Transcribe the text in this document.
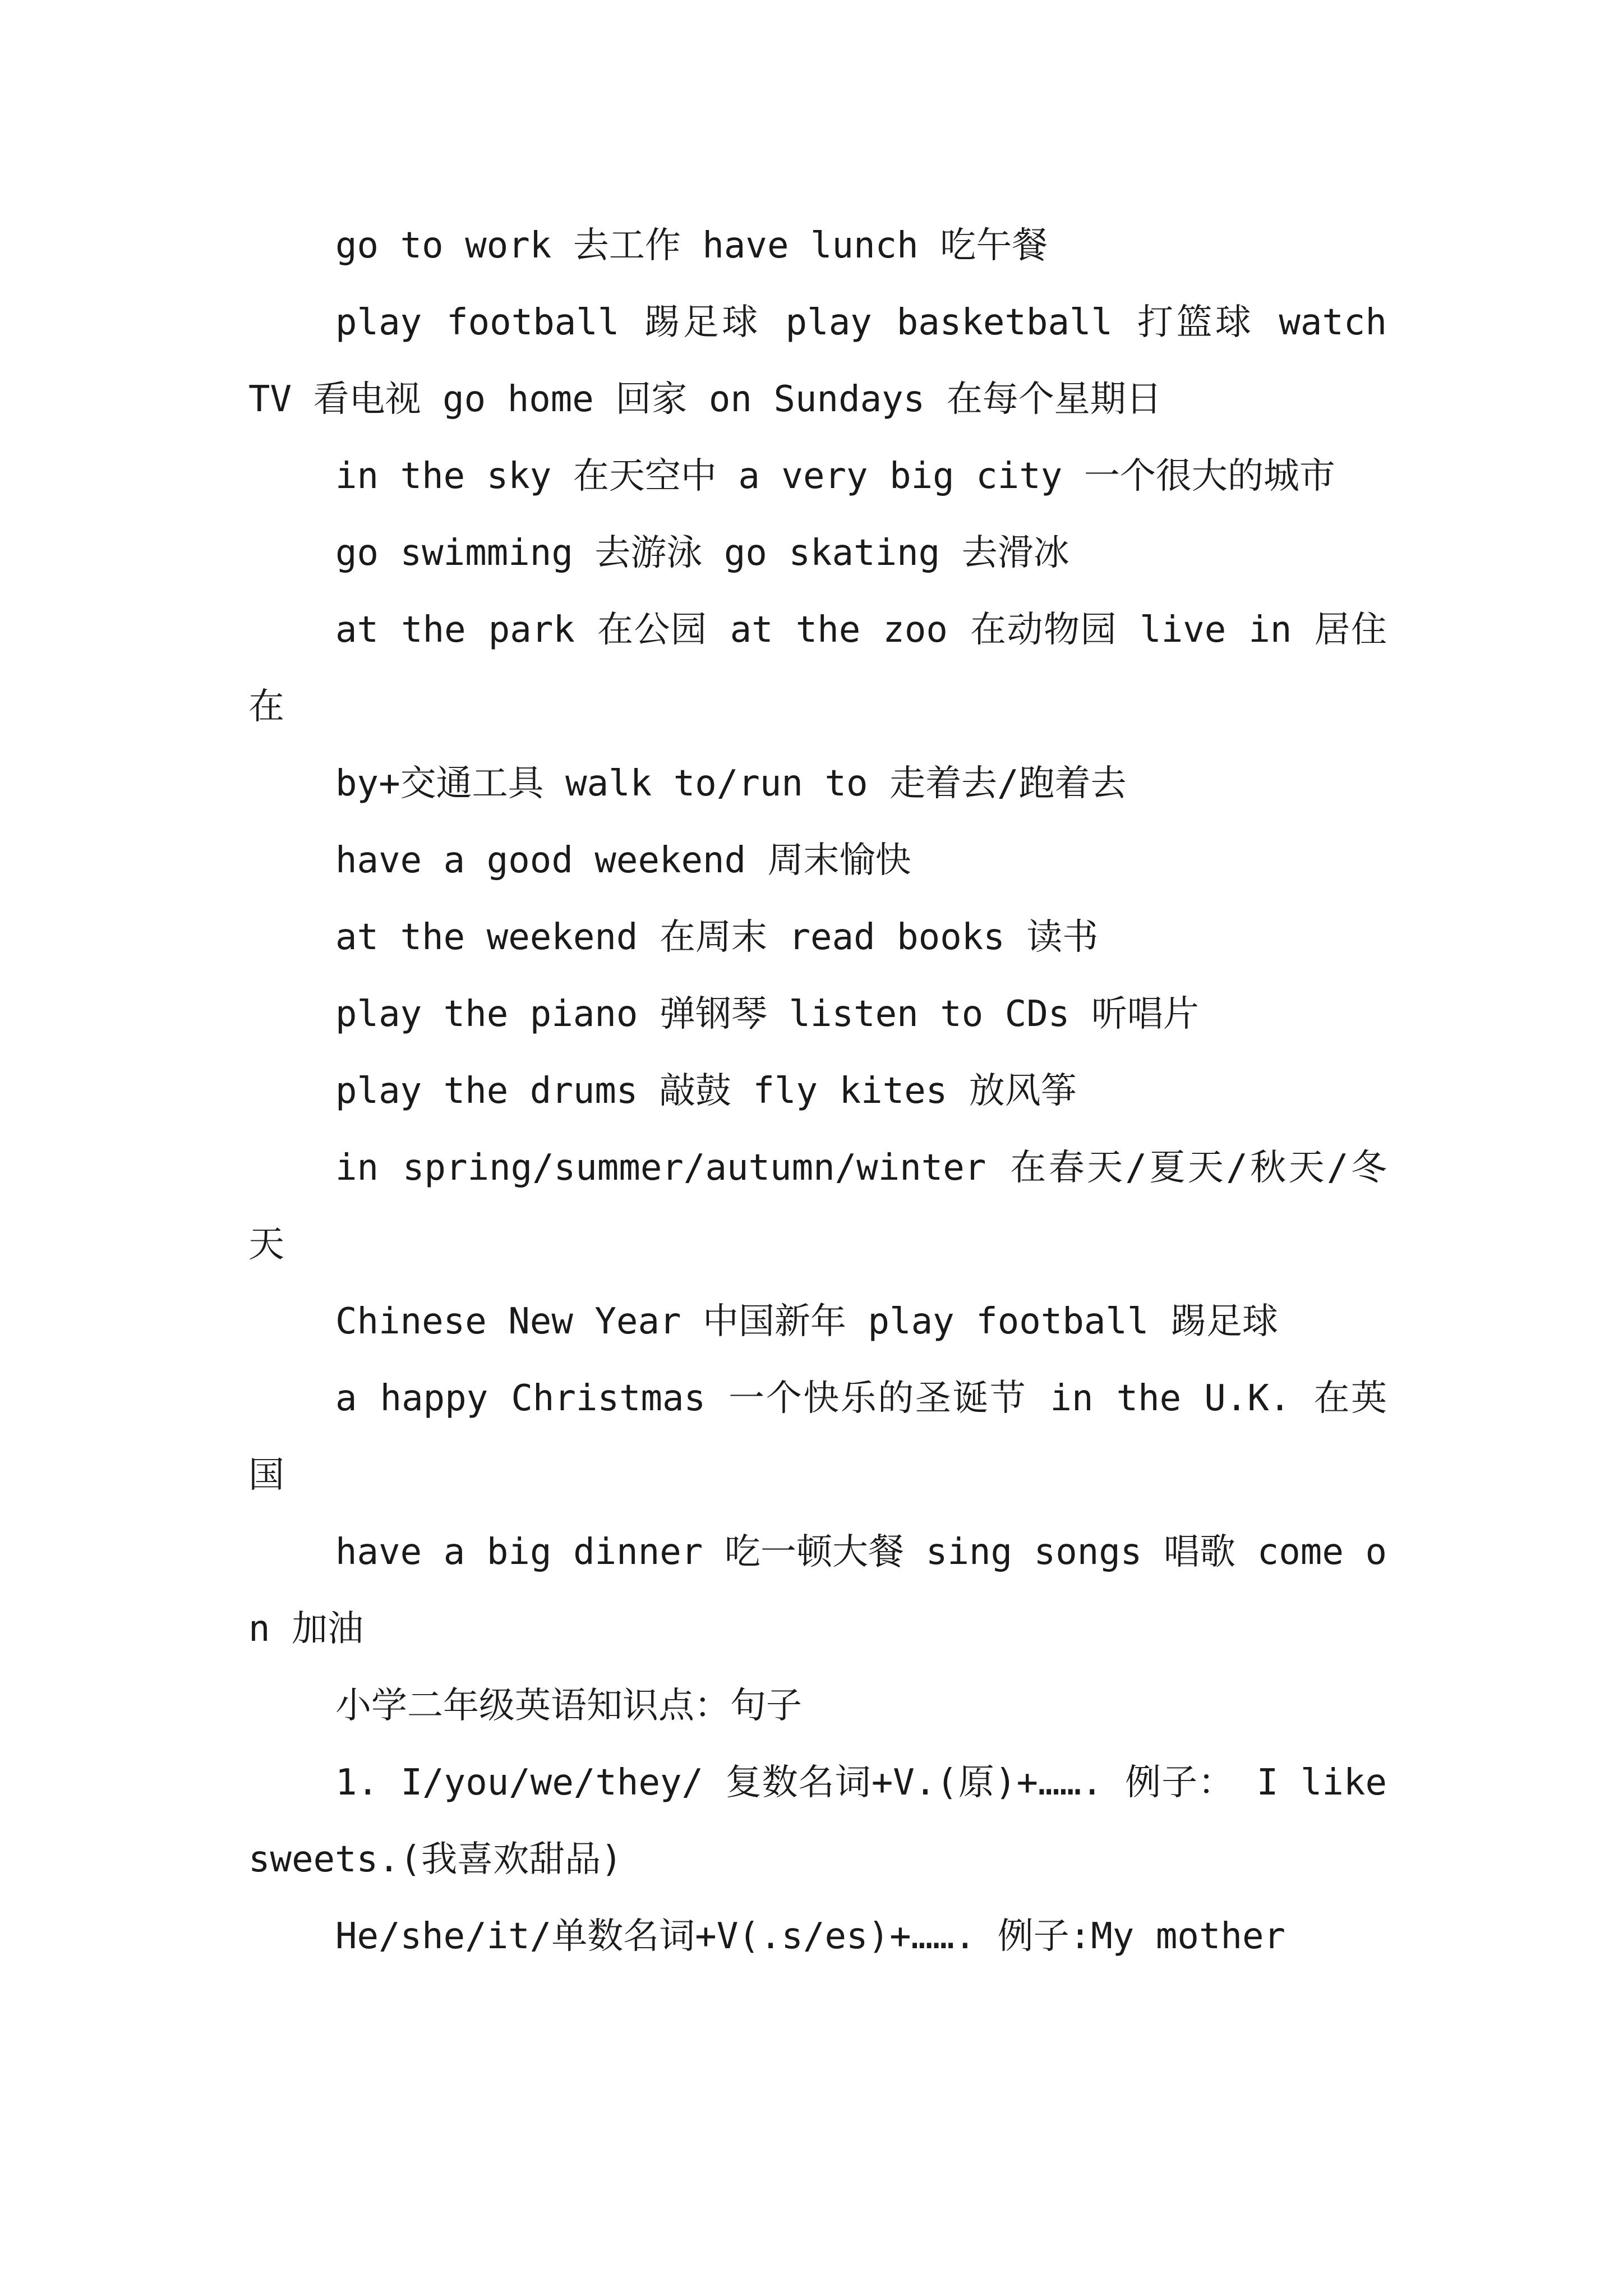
go to work 去工作 have lunch 吃午餐

play football 踢足球 play basketball 打篮球 watch TV 看电视 go home 回家 on Sundays 在每个星期日

in the sky 在天空中 a very big city 一个很大的城市

go swimming 去游泳 go skating 去滑冰

at the park 在公园 at the zoo 在动物园 live in 居住在

by+交通工具 walk to/run to 走着去/跑着去

have a good weekend 周末愉快

at the weekend 在周末 read books 读书

play the piano 弹钢琴 listen to CDs 听唱片

play the drums 敲鼓 fly kites 放风筝

in spring/summer/autumn/winter 在春天/夏天/秋天/冬天

Chinese New Year 中国新年 play football 踢足球

a happy Christmas 一个快乐的圣诞节 in the U.K. 在英国

have a big dinner 吃一顿大餐 sing songs 唱歌 come on 加油

小学二年级英语知识点：句子

1. I/you/we/they/ 复数名词+V.(原)+……. 例子： I like sweets.(我喜欢甜品)

He/she/it/单数名词+V(.s/es)+……. 例子:My mother
